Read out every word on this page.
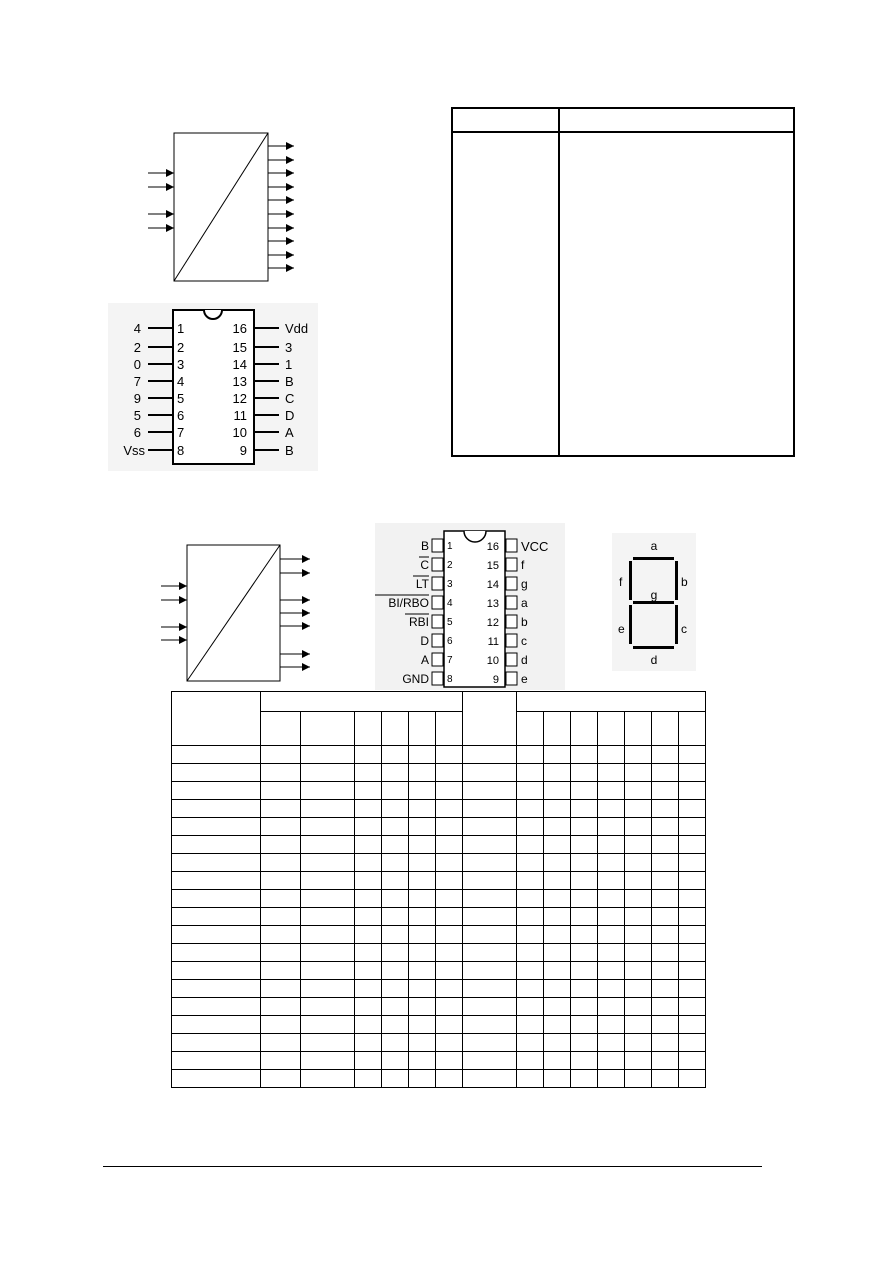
4	1
2	2
0	3
7	4
9	5
5	6
6	7
Vss 8
16	Vdd
15	3
14	1
13	B
12	C
11	D
10	A
9	B
B 1
C 2
LT 3
BI/RBO 4
RBI 5
D 6
A 7
GND 8
16 VCC
15 f
14 g
13 a
12 b
11 c
10 d
9 e
a
b
c
d
e
f
g
